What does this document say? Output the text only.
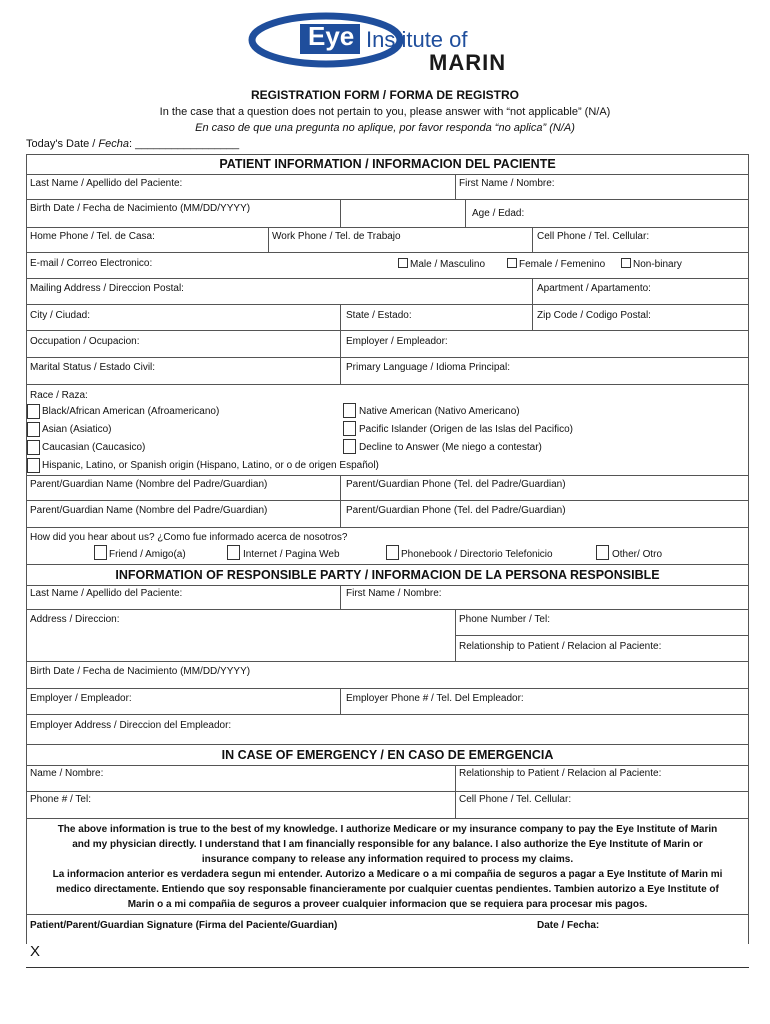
Eye Institute of
MARIN
REGISTRATION FORM / FORMA DE REGISTRO
In the case that a question does not pertain to you, please answer with “not applicable” (N/A)
En caso de que una pregunta no aplique, por favor responda “no aplica” (N/A)
Today's Date / Fecha: _________________
PATIENT INFORMATION / INFORMACION DEL PACIENTE
Last Name / Apellido del Paciente:	First Name / Nombre:
Birth Date / Fecha de Nacimiento (MM/DD/YYYY)	Age / Edad:
Home Phone / Tel. de Casa:	Work Phone / Tel. de Trabajo	Cell Phone / Tel. Cellular:
E-mail / Correo Electronico:	Male / Masculino	Female / Femenino	Non-binary
Mailing Address / Direccion Postal:	Apartment / Apartamento:
City / Ciudad:	State / Estado:	Zip Code / Codigo Postal:
Occupation / Ocupacion:	Employer / Empleador:
Marital Status / Estado Civil:	Primary Language / Idioma Principal:
Race / Raza:
Black/African American (Afroamericano)	Native American (Nativo Americano)
Asian (Asiatico)	Pacific Islander (Origen de las Islas del Pacifico)
Caucasian (Caucasico)	Decline to Answer (Me niego a contestar)
Hispanic, Latino, or Spanish origin (Hispano, Latino, or o de origen Español)
Parent/Guardian Name (Nombre del Padre/Guardian)	Parent/Guardian Phone (Tel. del Padre/Guardian)
Parent/Guardian Name (Nombre del Padre/Guardian)	Parent/Guardian Phone (Tel. del Padre/Guardian)
How did you hear about us? ¿Como fue informado acerca de nosotros?
Friend / Amigo(a)	Internet / Pagina Web	Phonebook / Directorio Telefonicio	Other/ Otro
INFORMATION OF RESPONSIBLE PARTY / INFORMACION DE LA PERSONA RESPONSIBLE
Last Name / Apellido del Paciente:	First Name / Nombre:
Address / Direccion:	Phone Number / Tel:
Relationship to Patient / Relacion al Paciente:
Birth Date / Fecha de Nacimiento (MM/DD/YYYY)
Employer / Empleador:	Employer Phone # / Tel. Del Empleador:
Employer Address / Direccion del Empleador:
IN CASE OF EMERGENCY / EN CASO DE EMERGENCIA
Name / Nombre:	Relationship to Patient / Relacion al Paciente:
Phone # / Tel:	Cell Phone / Tel. Cellular:
The above information is true to the best of my knowledge. I authorize Medicare or my insurance company to pay the Eye Institute of Marin
and my physician directly. I understand that I am financially responsible for any balance. I also authorize the Eye Institute of Marin or
insurance company to release any information required to process my claims.
La informacion anterior es verdadera segun mi entender. Autorizo a Medicare o a mi compañia de seguros a pagar a Eye Institute of Marin mi
medico directamente. Entiendo que soy responsable financieramente por cualquier cuentas pendientes. Tambien autorizo a Eye Institute of
Marin o a mi compañia de seguros a proveer cualquier informacion que se requiera para procesar mis pagos.
Patient/Parent/Guardian Signature (Firma del Paciente/Guardian)	Date / Fecha:
X
